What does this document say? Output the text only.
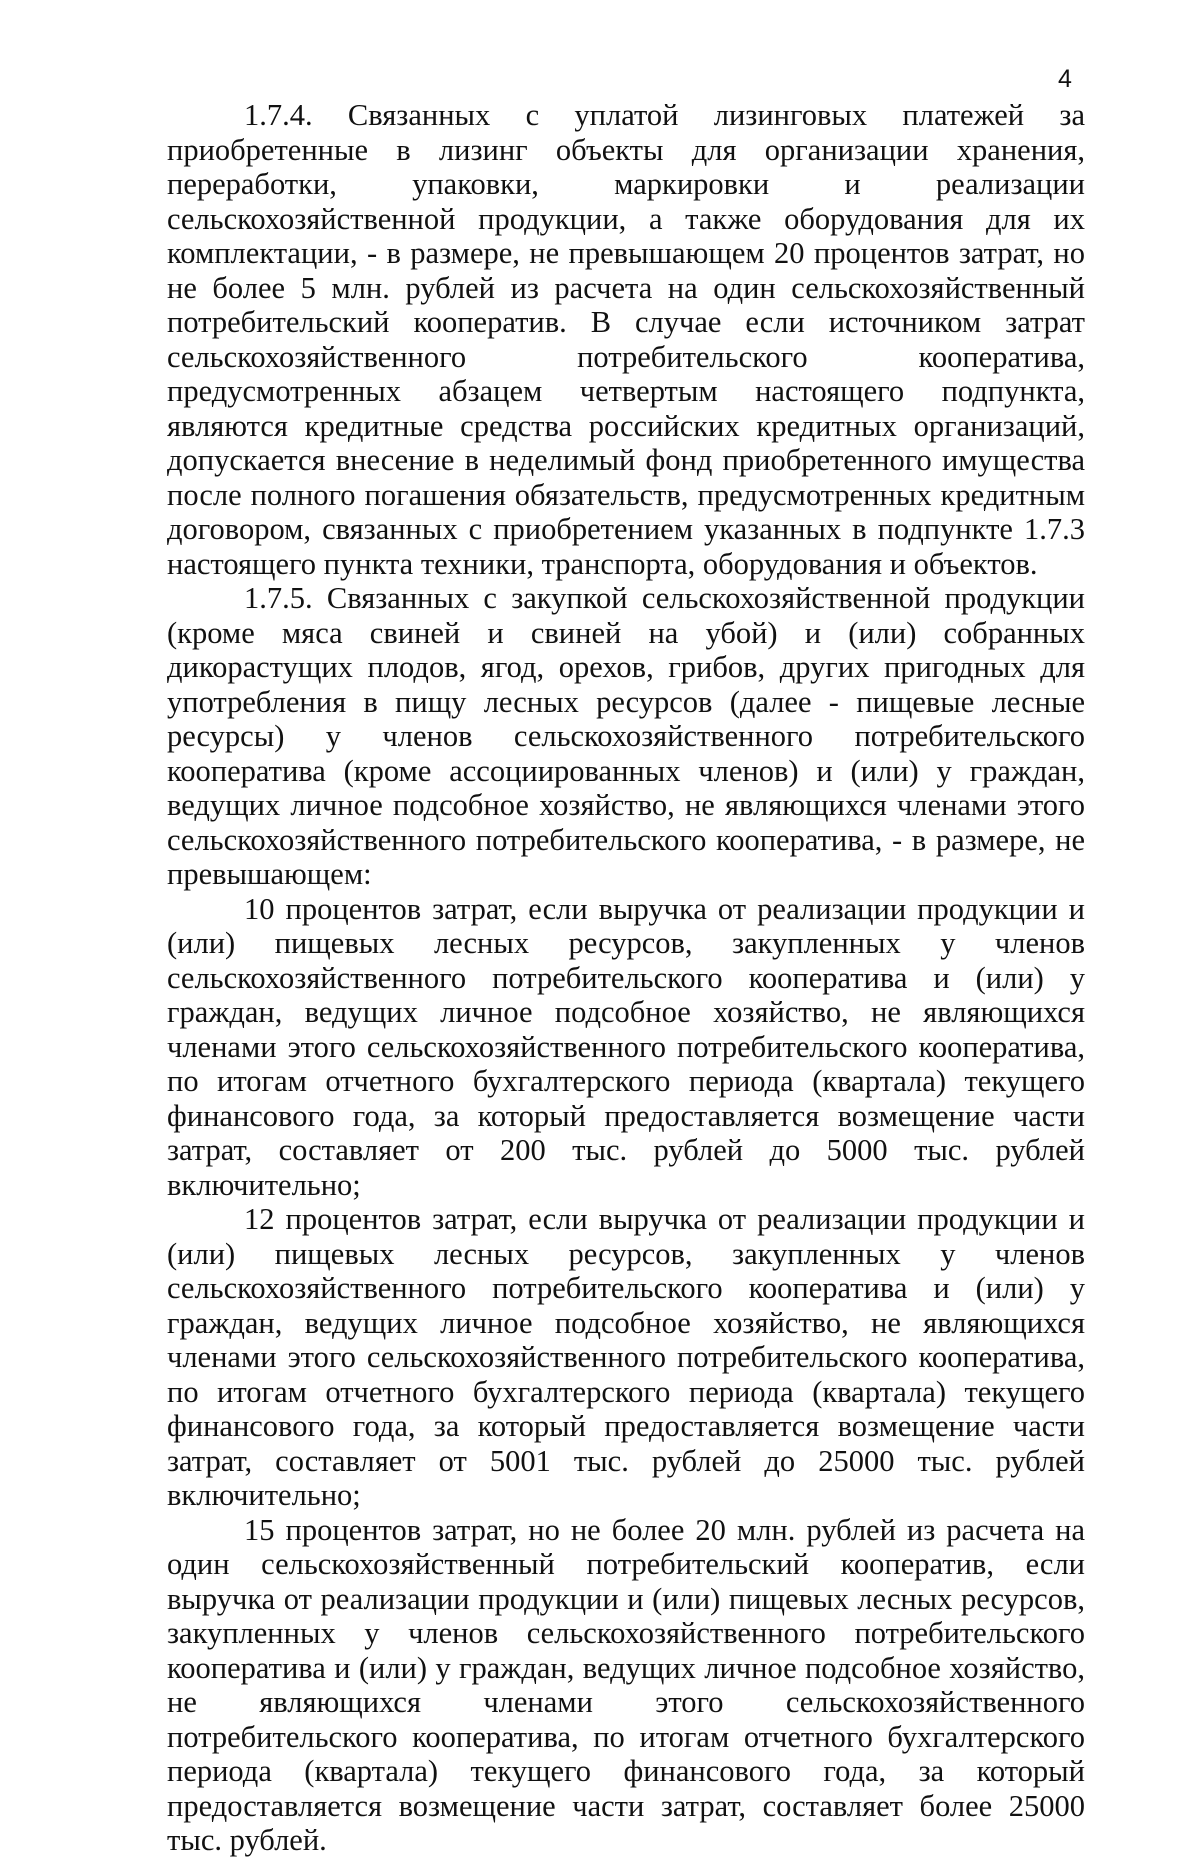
4

1.7.4. Связанных с уплатой лизинговых платежей за приобретенные в лизинг объекты для организации хранения, переработки, упаковки, маркировки и реализации сельскохозяйственной продукции, а также оборудования для их комплектации, - в размере, не превышающем 20 процентов затрат, но не более 5 млн. рублей из расчета на один сельскохозяйственный потребительский кооператив. В случае если источником затрат сельскохозяйственного потребительского кооператива, предусмотренных абзацем четвертым настоящего подпункта, являются кредитные средства российских кредитных организаций, допускается внесение в неделимый фонд приобретенного имущества после полного погашения обязательств, предусмотренных кредитным договором, связанных с приобретением указанных в подпункте 1.7.3 настоящего пункта техники, транспорта, оборудования и объектов.

1.7.5. Связанных с закупкой сельскохозяйственной продукции (кроме мяса свиней и свиней на убой) и (или) собранных дикорастущих плодов, ягод, орехов, грибов, других пригодных для употребления в пищу лесных ресурсов (далее - пищевые лесные ресурсы) у членов сельскохозяйственного потребительского кооператива (кроме ассоциированных членов) и (или) у граждан, ведущих личное подсобное хозяйство, не являющихся членами этого сельскохозяйственного потребительского кооператива, - в размере, не превышающем:

10 процентов затрат, если выручка от реализации продукции и (или) пищевых лесных ресурсов, закупленных у членов сельскохозяйственного потребительского кооператива и (или) у граждан, ведущих личное подсобное хозяйство, не являющихся членами этого сельскохозяйственного потребительского кооператива, по итогам отчетного бухгалтерского периода (квартала) текущего финансового года, за который предоставляется возмещение части затрат, составляет от 200 тыс. рублей до 5000 тыс. рублей включительно;

12 процентов затрат, если выручка от реализации продукции и (или) пищевых лесных ресурсов, закупленных у членов сельскохозяйственного потребительского кооператива и (или) у граждан, ведущих личное подсобное хозяйство, не являющихся членами этого сельскохозяйственного потребительского кооператива, по итогам отчетного бухгалтерского периода (квартала) текущего финансового года, за который предоставляется возмещение части затрат, составляет от 5001 тыс. рублей до 25000 тыс. рублей включительно;

15 процентов затрат, но не более 20 млн. рублей из расчета на один сельскохозяйственный потребительский кооператив, если выручка от реализации продукции и (или) пищевых лесных ресурсов, закупленных у членов сельскохозяйственного потребительского кооператива и (или) у граждан, ведущих личное подсобное хозяйство, не являющихся членами этого сельскохозяйственного потребительского кооператива, по итогам отчетного бухгалтерского периода (квартала) текущего финансового года, за который предоставляется возмещение части затрат, составляет более 25000 тыс. рублей.
